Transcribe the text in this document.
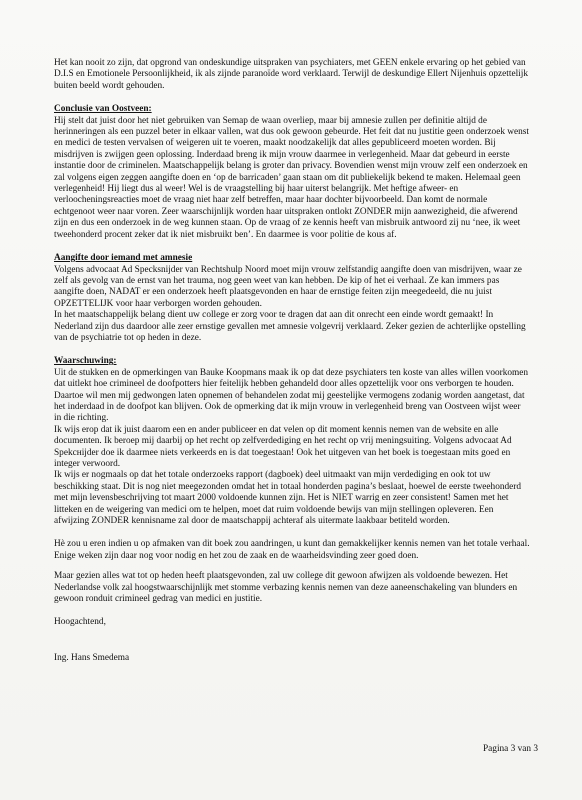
Het kan nooit zo zijn, dat opgrond van ondeskundige uitspraken van psychiaters, met GEEN enkele ervaring op het gebied van D.I.S en Emotionele Persoonlijkheid, ik als zijnde paranoïde word verklaard. Terwijl de deskundige Ellert Nijenhuis opzettelijk buiten beeld wordt gehouden.

Conclusie van Oostveen:

Hij stelt dat juist door het niet gebruiken van Semap de waan overliep, maar bij amnesie zullen per definitie altijd de herinneringen als een puzzel beter in elkaar vallen, wat dus ook gewoon gebeurde. Het feit dat nu justitie geen onderzoek wenst en medici de testen vervalsen of weigeren uit te voeren, maakt noodzakelijk dat alles gepubliceerd moeten worden. Bij misdrijven is zwijgen geen oplossing. Inderdaad breng ik mijn vrouw daarmee in verlegenheid. Maar dat gebeurd in eerste instantie door de criminelen. Maatschappelijk belang is groter dan privacy. Bovendien wenst mijn vrouw zelf een onderzoek en zal volgens eigen zeggen aangifte doen en ‘op de barricaden’ gaan staan om dit publiekelijk bekend te maken. Helemaal geen verlegenheid! Hij liegt dus al weer! Wel is de vraagstelling bij haar uiterst belangrijk. Met heftige afweer- en verloocheningsreacties moet de vraag niet haar zelf betreffen, maar haar dochter bijvoorbeeld. Dan komt de normale echtgenoot weer naar voren. Zeer waarschijnlijk worden haar uitspraken ontlokt ZONDER mijn aanwezigheid, die afwerend zijn en dus een onderzoek in de weg kunnen staan. Op de vraag of ze kennis heeft van misbruik antwoord zij nu ‘nee, ik weet tweehonderd procent zeker dat ik niet misbruikt ben’. En daarmee is voor politie de kous af.

Aangifte door iemand met amnesie

Volgens advocaat Ad Specksnijder van Rechtshulp Noord moet mijn vrouw zelfstandig aangifte doen van misdrijven, waar ze zelf als gevolg van de ernst van het trauma, nog geen weet van kan hebben. De kip of het ei verhaal. Ze kan immers pas aangifte doen, NADAT er een onderzoek heeft plaatsgevonden en haar de ernstige feiten zijn meegedeeld, die nu juist OPZETTELIJK voor haar verborgen worden gehouden.

In het maatschappelijk belang dient uw college er zorg voor te dragen dat aan dit onrecht een einde wordt gemaakt! In Nederland zijn dus daardoor alle zeer ernstige gevallen met amnesie volgevrij verklaard. Zeker gezien de achterlijke opstelling van de psychiatrie tot op heden in deze.

Waarschuwing:

Uit de stukken en de opmerkingen van Bauke Koopmans maak ik op dat deze psychiaters ten koste van alles willen voorkomen dat uitlekt hoe crimineel de doofpotters hier feitelijk hebben gehandeld door alles opzettelijk voor ons verborgen te houden. Daartoe wil men mij gedwongen laten opnemen of behandelen zodat mij geestelijke vermogens zodanig worden aangetast, dat het inderdaad in de doofpot kan blijven. Ook de opmerking dat ik mijn vrouw in verlegenheid breng van Oostveen wijst weer in die richting.

Ik wijs erop dat ik juist daarom een en ander publiceer en dat velen op dit moment kennis nemen van de website en alle documenten. Ik beroep mij daarbij op het recht op zelfverdediging en het recht op vrij meningsuiting. Volgens advocaat Ad Spekснijder doe ik daarmee niets verkeerds en is dat toegestaan! Ook het uitgeven van het boek is toegestaan mits goed en integer verwoord.

Ik wijs er nogmaals op dat het totale onderzoeks rapport (dagboek) deel uitmaakt van mijn verdediging en ook tot uw beschikking staat. Dit is nog niet meegezonden omdat het in totaal honderden pagina’s beslaat, hoewel de eerste tweehonderd met mijn levensbeschrijving tot maart 2000 voldoende kunnen zijn. Het is NIET warrig en zeer consistent! Samen met het litteken en de weigering van medici om te helpen, moet dat ruim voldoende bewijs van mijn stellingen opleveren. Een afwijzing ZONDER kennisname zal door de maatschappij achteraf als uitermate laakbaar betiteld worden.

Hè zou u eren indien u op afmaken van dit boek zou aandringen, u kunt dan gemakkelijker kennis nemen van het totale verhaal. Enige weken zijn daar nog voor nodig en het zou de zaak en de waarheidsvinding zeer goed doen.

Maar gezien alles wat tot op heden heeft plaatsgevonden, zal uw college dit gewoon afwijzen als voldoende bewezen. Het Nederlandse volk zal hoogstwaarschijnlijk met stomme verbazing kennis nemen van deze aaneenschakeling van blunders en gewoon ronduit crimineel gedrag van medici en justitie.

Hoogachtend,

Ing. Hans Smedema

Pagina 3 van 3
